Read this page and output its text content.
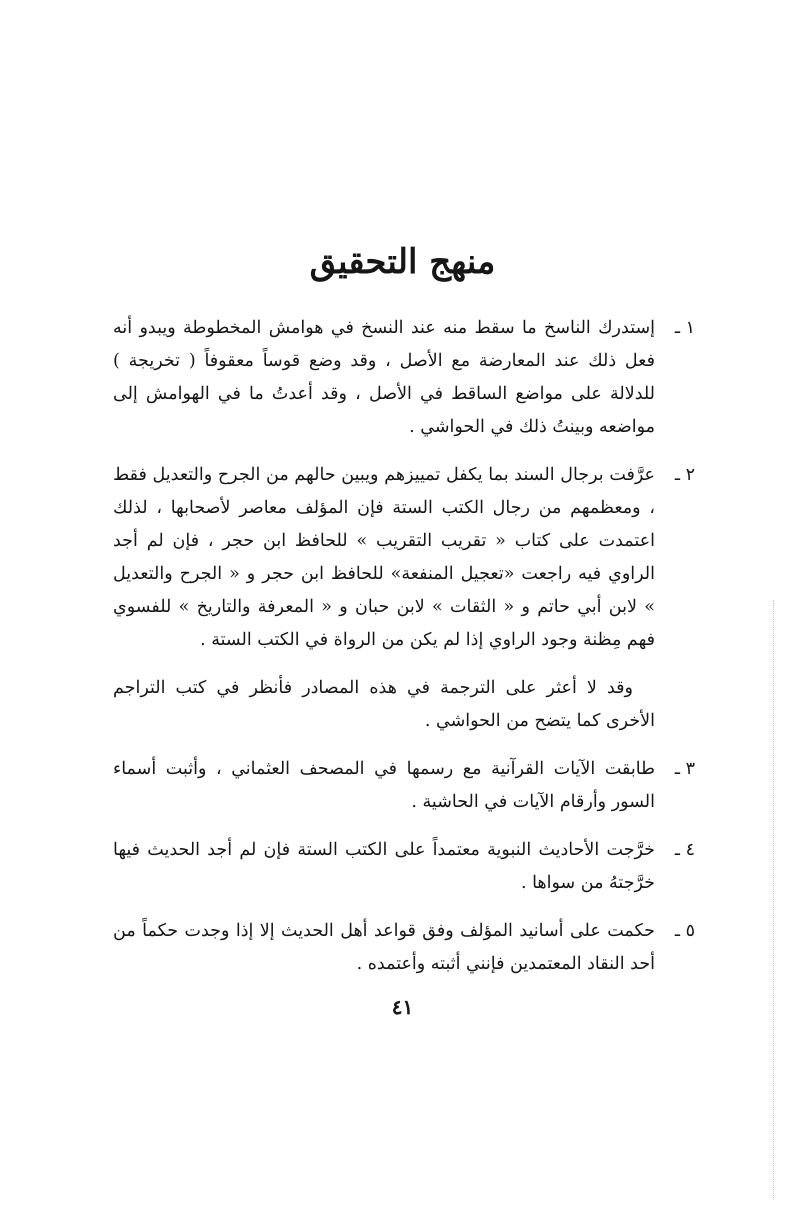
منهج التحقيق
١ ـ

إستدرك الناسخ ما سقط منه عند النسخ في هوامش المخطوطة ويبدو أنه فعل ذلك عند المعارضة مع الأصل ، وقد وضع قوساً معقوفاً ( تخريجة ) للدلالة على مواضع الساقط في الأصل ، وقد أعدتُ ما في الهوامش إلى مواضعه وبينتُ ذلك في الحواشي .

٢ ـ

عرَّفت برجال السند بما يكفل تمييزهم ويبين حالهم من الجرح والتعديل فقط ، ومعظمهم من رجال الكتب الستة فإن المؤلف معاصر لأصحابها ، لذلك اعتمدت على كتاب « تقريب التقريب » للحافظ ابن حجر ، فإن لم أجد الراوي فيه راجعت «تعجيل المنفعة» للحافظ ابن حجر و « الجرح والتعديل » لابن أبي حاتم و « الثقات » لابن حبان و « المعرفة والتاريخ » للفسوي فهم مِظنة وجود الراوي إذا لم يكن من الرواة في الكتب الستة .

وقد لا أعثر على الترجمة في هذه المصادر فأنظر في كتب التراجم الأخرى كما يتضح من الحواشي .

٣ ـ

طابقت الآيات القرآنية مع رسمها في المصحف العثماني ، وأثبت أسماء السور وأرقام الآيات في الحاشية .

٤ ـ

خرَّجت الأحاديث النبوية معتمداً على الكتب الستة فإن لم أجد الحديث فيها خرَّجتهُ من سواها .

٥ ـ

حكمت على أسانيد المؤلف وفق قواعد أهل الحديث إلا إذا وجدت حكماً من أحد النقاد المعتمدين فإنني أثبته وأعتمده .

٤١
